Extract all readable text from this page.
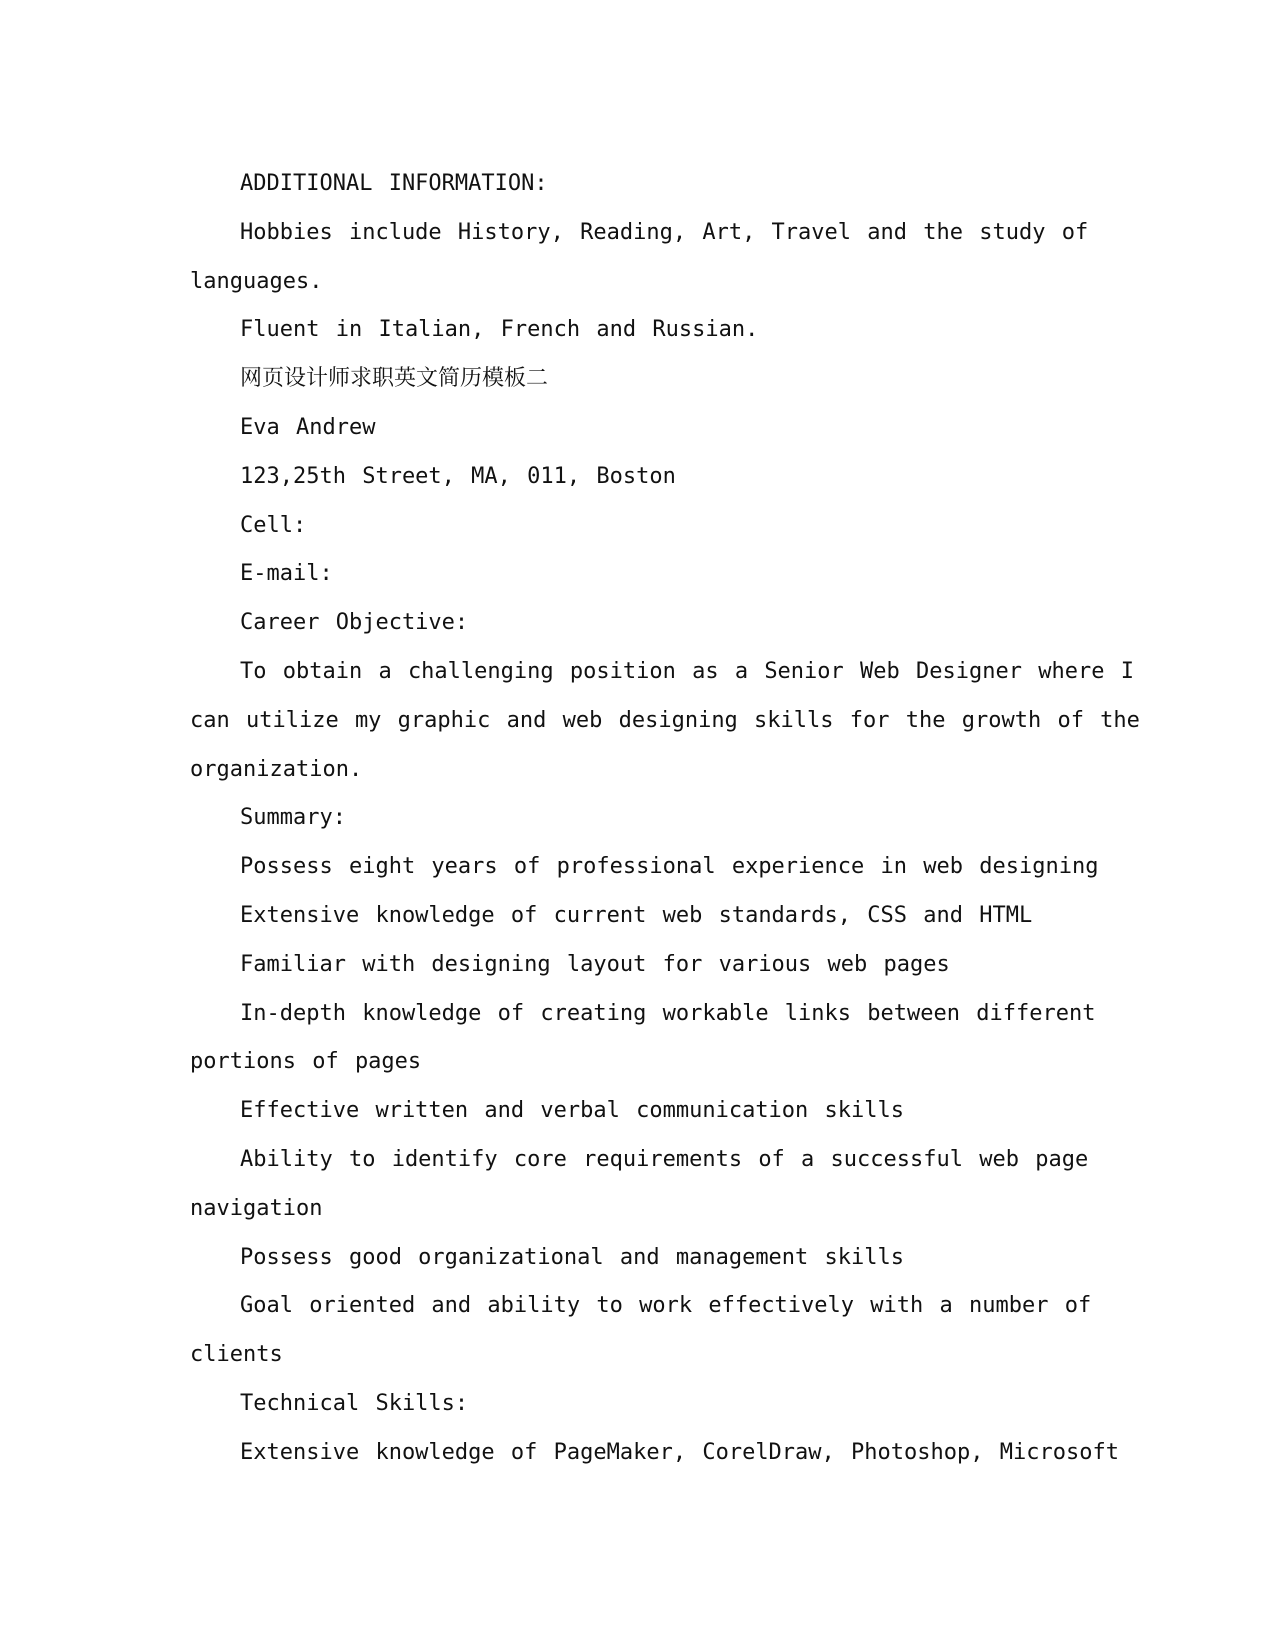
ADDITIONAL INFORMATION:
Hobbies include History, Reading, Art, Travel and the study of
languages.
Fluent in Italian, French and Russian.
网页设计师求职英文简历模板二
Eva Andrew
123,25th Street, MA, 011, Boston
Cell:
E-mail:
Career Objective:
To obtain a challenging position as a Senior Web Designer where I
can utilize my graphic and web designing skills for the growth of the
organization.
Summary:
Possess eight years of professional experience in web designing
Extensive knowledge of current web standards, CSS and HTML
Familiar with designing layout for various web pages
In-depth knowledge of creating workable links between different
portions of pages
Effective written and verbal communication skills
Ability to identify core requirements of a successful web page
navigation
Possess good organizational and management skills
Goal oriented and ability to work effectively with a number of
clients
Technical Skills:
Extensive knowledge of PageMaker, CorelDraw, Photoshop, Microsoft
